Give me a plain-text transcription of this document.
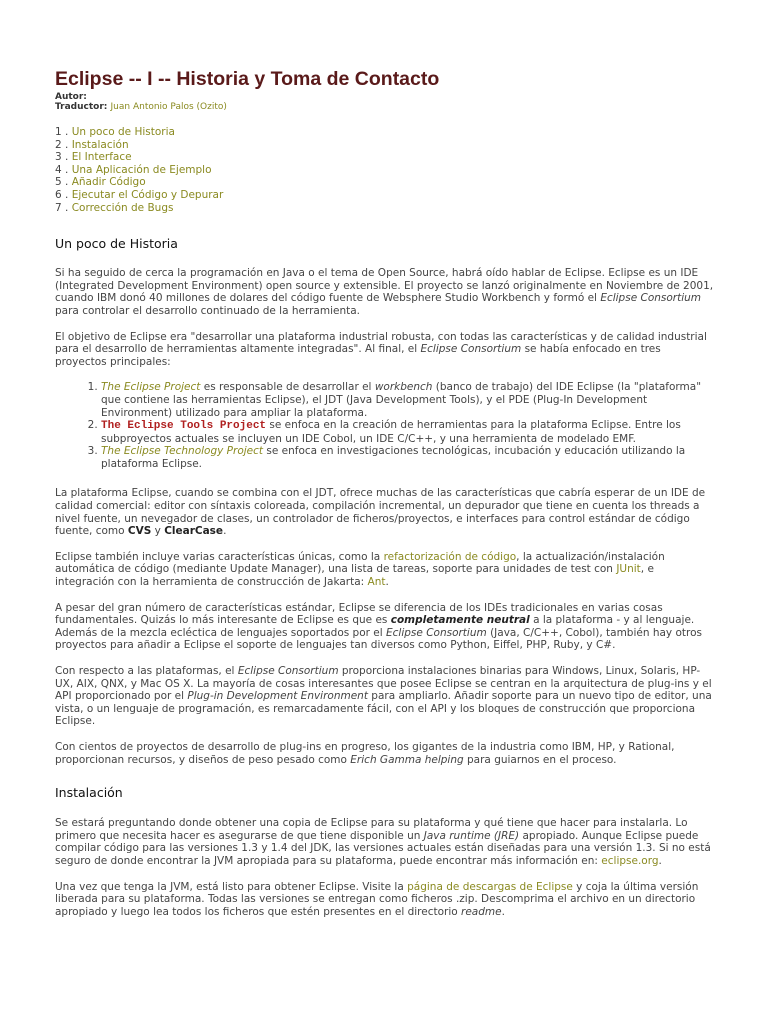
Eclipse -- I -- Historia y Toma de Contacto
Autor:
Traductor: Juan Antonio Palos (Ozito)
1 . Un poco de Historia
2 . Instalación
3 . El Interface
4 . Una Aplicación de Ejemplo
5 . Añadir Código
6 . Ejecutar el Código y Depurar
7 . Corrección de Bugs
Un poco de Historia

Si ha seguido de cerca la programación en Java o el tema de Open Source, habrá oído hablar de Eclipse. Eclipse es un IDE (Integrated Development Environment) open source y extensible. El proyecto se lanzó originalmente en Noviembre de 2001, cuando IBM donó 40 millones de dolares del código fuente de Websphere Studio Workbench y formó el Eclipse Consortium para controlar el desarrollo continuado de la herramienta.

El objetivo de Eclipse era "desarrollar una plataforma industrial robusta, con todas las características y de calidad industrial para el desarrollo de herramientas altamente integradas". Al final, el Eclipse Consortium se había enfocado en tres proyectos principales:

1. The Eclipse Project es responsable de desarrollar el workbench (banco de trabajo) del IDE Eclipse (la "plataforma" que contiene las herramientas Eclipse), el JDT (Java Development Tools), y el PDE (Plug-In Development Environment) utilizado para ampliar la plataforma.
2. The Eclipse Tools Project se enfoca en la creación de herramientas para la plataforma Eclipse. Entre los subproyectos actuales se incluyen un IDE Cobol, un IDE C/C++, y una herramienta de modelado EMF.
3. The Eclipse Technology Project se enfoca en investigaciones tecnológicas, incubación y educación utilizando la plataforma Eclipse.

La plataforma Eclipse, cuando se combina con el JDT, ofrece muchas de las características que cabría esperar de un IDE de calidad comercial: editor con síntaxis coloreada, compilación incremental, un depurador que tiene en cuenta los threads a nivel fuente, un nevegador de clases, un controlador de ficheros/proyectos, e interfaces para control estándar de código fuente, como CVS y ClearCase.

Eclipse también incluye varias características únicas, como la refactorización de código, la actualización/instalación automática de código (mediante Update Manager), una lista de tareas, soporte para unidades de test con JUnit, e integración con la herramienta de construcción de Jakarta: Ant.

A pesar del gran número de características estándar, Eclipse se diferencia de los IDEs tradicionales en varias cosas fundamentales. Quizás lo más interesante de Eclipse es que es completamente neutral a la plataforma - y al lenguaje. Además de la mezcla ecléctica de lenguajes soportados por el Eclipse Consortium (Java, C/C++, Cobol), también hay otros proyectos para añadir a Eclipse el soporte de lenguajes tan diversos como Python, Eiffel, PHP, Ruby, y C#.

Con respecto a las plataformas, el Eclipse Consortium proporciona instalaciones binarias para Windows, Linux, Solaris, HP-UX, AIX, QNX, y Mac OS X. La mayoría de cosas interesantes que posee Eclipse se centran en la arquitectura de plug-ins y el API proporcionado por el Plug-in Development Environment para ampliarlo. Añadir soporte para un nuevo tipo de editor, una vista, o un lenguaje de programación, es remarcadamente fácil, con el API y los bloques de construcción que proporciona Eclipse.

Con cientos de proyectos de desarrollo de plug-ins en progreso, los gigantes de la industria como IBM, HP, y Rational, proporcionan recursos, y diseños de peso pesado como Erich Gamma helping para guiarnos en el proceso.

Instalación

Se estará preguntando donde obtener una copia de Eclipse para su plataforma y qué tiene que hacer para instalarla. Lo primero que necesita hacer es asegurarse de que tiene disponible un Java runtime (JRE) apropiado. Aunque Eclipse puede compilar código para las versiones 1.3 y 1.4 del JDK, las versiones actuales están diseñadas para una versión 1.3. Si no está seguro de donde encontrar la JVM apropiada para su plataforma, puede encontrar más información en: eclipse.org.

Una vez que tenga la JVM, está listo para obtener Eclipse. Visite la página de descargas de Eclipse y coja la última versión liberada para su plataforma. Todas las versiones se entregan como ficheros .zip. Descomprima el archivo en un directorio apropiado y luego lea todos los ficheros que estén presentes en el directorio readme.
